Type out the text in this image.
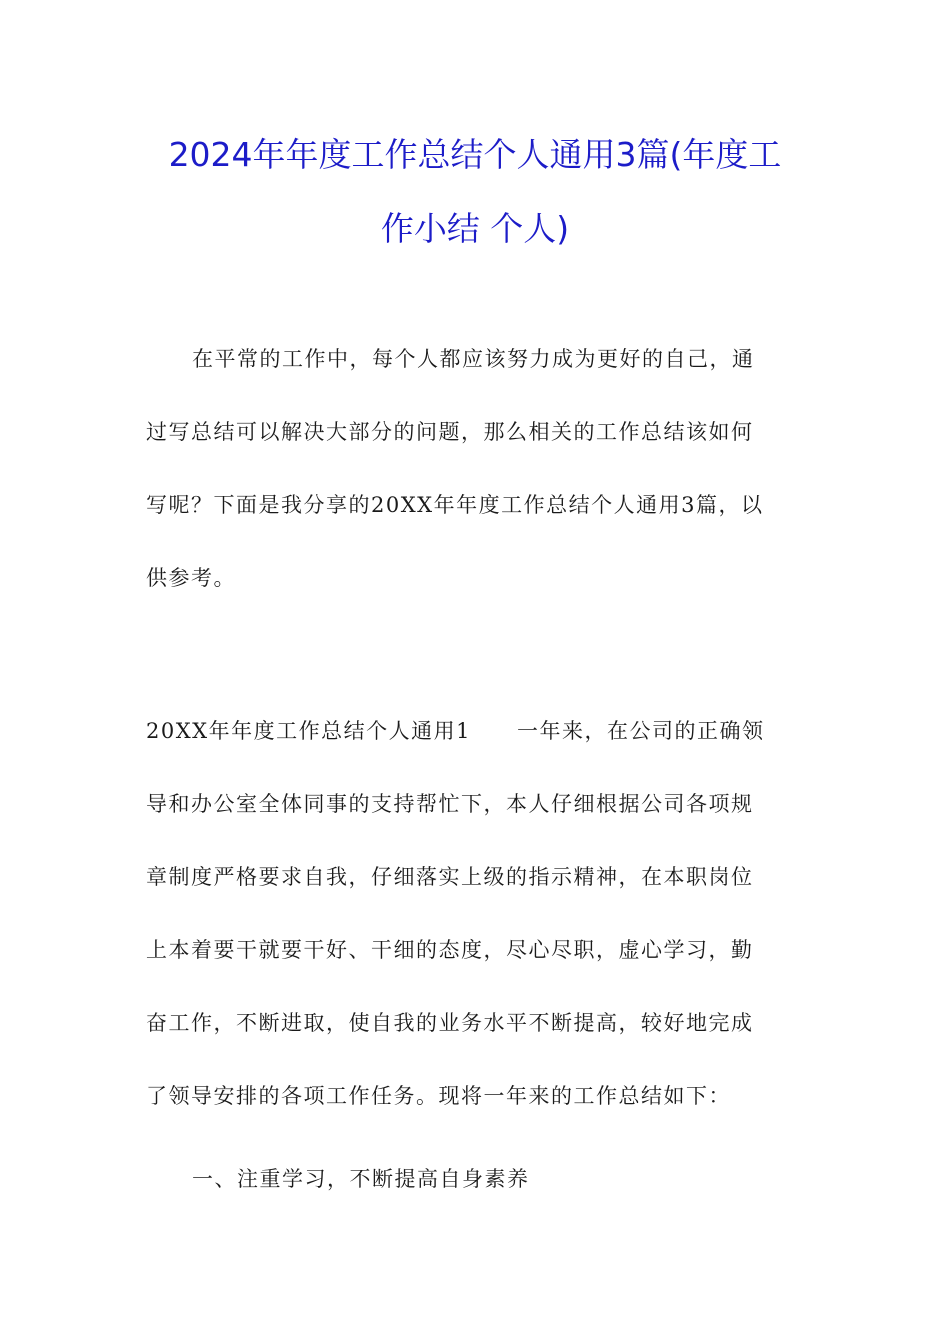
2024年年度工作总结个人通用3篇(年度工
作小结 个人)

在平常的工作中，每个人都应该努力成为更好的自己，通
过写总结可以解决大部分的问题，那么相关的工作总结该如何
写呢？下面是我分享的20XX年年度工作总结个人通用3篇，以
供参考。

20XX年年度工作总结个人通用1 一年来，在公司的正确领
导和办公室全体同事的支持帮忙下，本人仔细根据公司各项规
章制度严格要求自我，仔细落实上级的指示精神，在本职岗位
上本着要干就要干好、干细的态度，尽心尽职，虚心学习，勤
奋工作，不断进取，使自我的业务水平不断提高，较好地完成
了领导安排的各项工作任务。现将一年来的工作总结如下：

一、注重学习，不断提高自身素养
